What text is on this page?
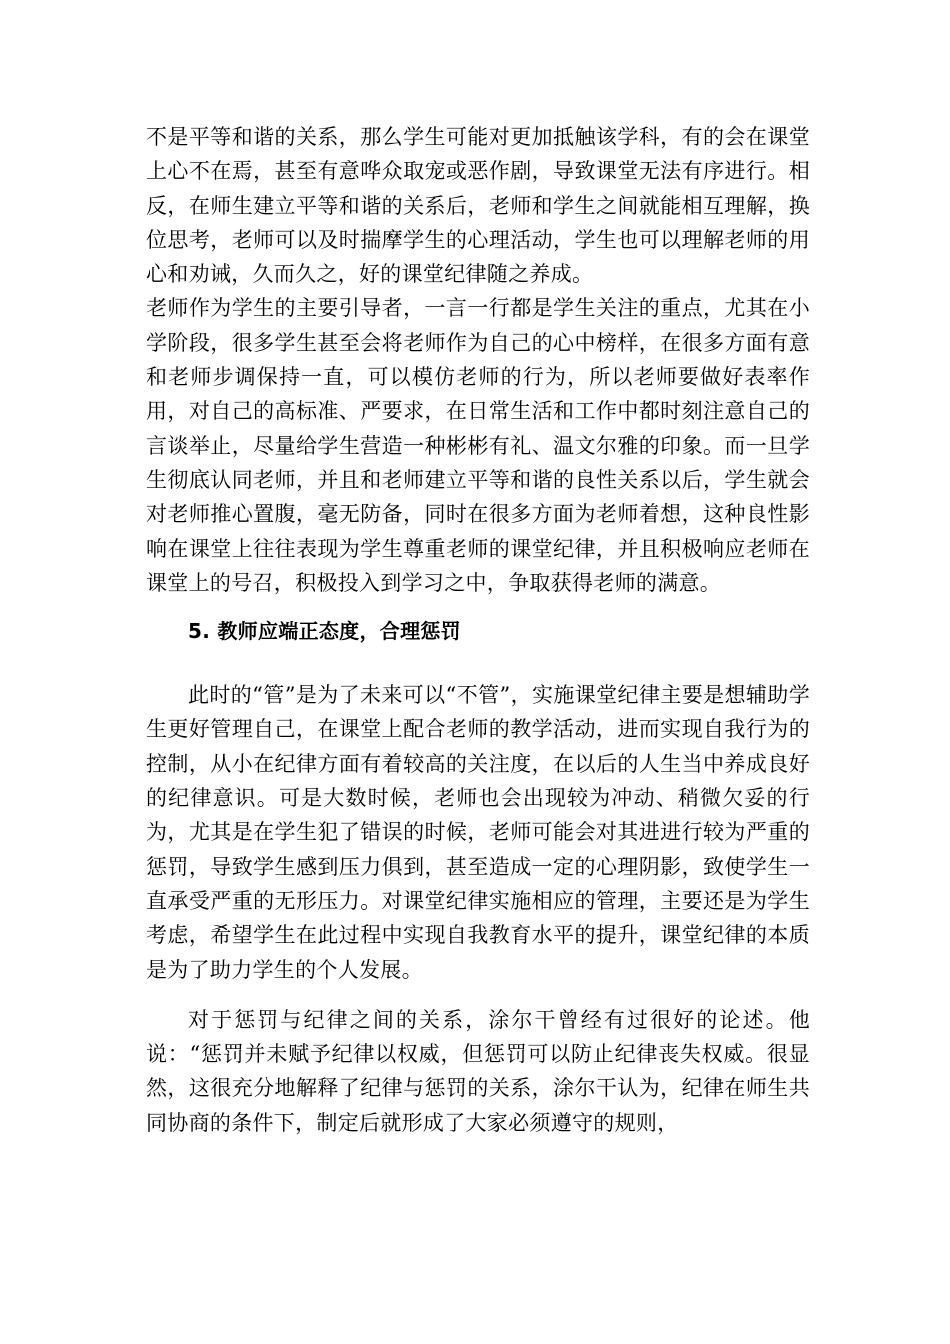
不是平等和谐的关系，那么学生可能对更加抵触该学科，有的会在课堂上心不在焉，甚至有意哗众取宠或恶作剧，导致课堂无法有序进行。相反，在师生建立平等和谐的关系后，老师和学生之间就能相互理解，换位思考，老师可以及时揣摩学生的心理活动，学生也可以理解老师的用心和劝诫，久而久之，好的课堂纪律随之养成。

老师作为学生的主要引导者，一言一行都是学生关注的重点，尤其在小学阶段，很多学生甚至会将老师作为自己的心中榜样，在很多方面有意和老师步调保持一直，可以模仿老师的行为，所以老师要做好表率作用，对自己的高标准、严要求，在日常生活和工作中都时刻注意自己的言谈举止，尽量给学生营造一种彬彬有礼、温文尔雅的印象。而一旦学生彻底认同老师，并且和老师建立平等和谐的良性关系以后，学生就会对老师推心置腹，毫无防备，同时在很多方面为老师着想，这种良性影响在课堂上往往表现为学生尊重老师的课堂纪律，并且积极响应老师在课堂上的号召，积极投入到学习之中，争取获得老师的满意。

5. 教师应端正态度，合理惩罚

此时的“管”是为了未来可以“不管”，实施课堂纪律主要是想辅助学生更好管理自己，在课堂上配合老师的教学活动，进而实现自我行为的控制，从小在纪律方面有着较高的关注度，在以后的人生当中养成良好的纪律意识。可是大数时候，老师也会出现较为冲动、稍微欠妥的行为，尤其是在学生犯了错误的时候，老师可能会对其进进行较为严重的惩罚，导致学生感到压力俱到，甚至造成一定的心理阴影，致使学生一直承受严重的无形压力。对课堂纪律实施相应的管理，主要还是为学生考虑，希望学生在此过程中实现自我教育水平的提升，课堂纪律的本质是为了助力学生的个人发展。

对于惩罚与纪律之间的关系，涂尔干曾经有过很好的论述。他说：“惩罚并未赋予纪律以权威，但惩罚可以防止纪律丧失权威。很显然，这很充分地解释了纪律与惩罚的关系，涂尔干认为，纪律在师生共同协商的条件下，制定后就形成了大家必须遵守的规则，
